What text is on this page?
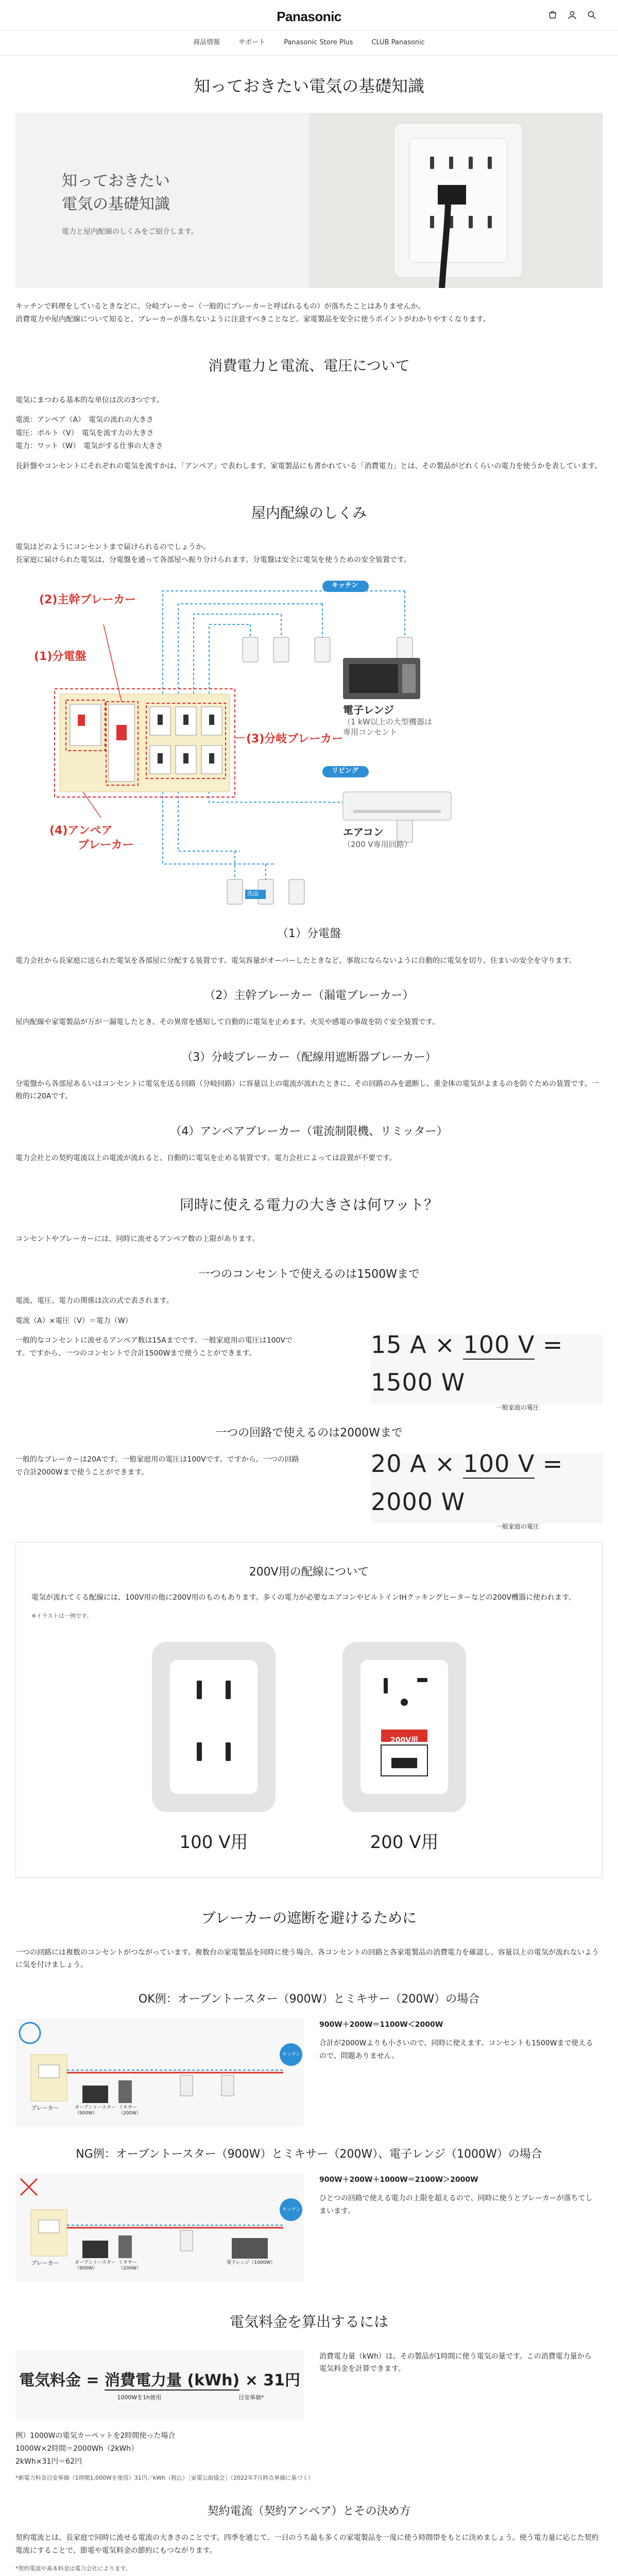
Panasonic
商品情報	サポート	Panasonic Store Plus	CLUB Panasonic
知っておきたい電気の基礎知識
知っておきたい
電気の基礎知識
電力と屋内配線のしくみをご紹介します。
キッチンで料理をしているときなどに、分岐ブレーカー（一般的にブレーカーと呼ばれるもの）が落ちたことはありませんか。
消費電力や屋内配線について知ると、ブレーカーが落ちないように注意すべきことなど、家電製品を安全に使うポイントがわかりやすくなります。
消費電力と電流、電圧について

電気にまつわる基本的な単位は次の3つです。

電流：アンペア（A）　電気の流れの大きさ

電圧：ボルト（V）　電気を流す力の大きさ

電力：ワット（W）　電気がする仕事の大きさ

長針盤やコンセントにそれぞれの電気を流すかは、「アンペア」で表わします。家電製品にも書かれている「消費電力」とは、その製品がどれくらいの電力を使うかを表しています。

屋内配線のしくみ

電気はどのようにコンセントまで届けられるのでしょうか。
長家庭に届けられた電気は、分電盤を通って各部屋へ振り分けられます。分電盤は安全に電気を使うための安全装置です。

キッチン
リビング
電子レンジ
（1 kW以上の大型機器は
専用コンセント
エアコン
（200 V専用回路）
(2)主幹ブレーカー
(1)分電盤
(3)分岐ブレーカー
(4)アンペア
ブレーカー
洗面
（1）分電盤

電力会社から長家庭に送られた電気を各部屋に分配する装置です。電気容量がオーバーしたときなど、事故にならないように自動的に電気を切り、住まいの安全を守ります。

（2）主幹ブレーカー（漏電ブレーカー）

屋内配線や家電製品が万が一漏電したとき、その異常を感知して自動的に電気を止めます。火災や感電の事故を防ぐ安全装置です。

（3）分岐ブレーカー（配線用遮断器ブレーカー）

分電盤から各部屋あるいはコンセントに電気を送る回路（分岐回路）に容量以上の電流が流れたときに、その回路のみを遮断し、重金体の電気がよまるのを防ぐための装置です。一般的に20Aです。

（4）アンペアブレーカー（電流制限機、リミッター）

電力会社との契約電流以上の電流が流れると、自動的に電気を止める装置です。電力会社によっては設置が不要です。

同時に使える電力の大きさは何ワット？

コンセントやブレーカーには、同時に流せるアンペア数の上限があります。

一つのコンセントで使えるのは1500Wまで

電流、電圧、電力の関係は次の式で表されます。

電流（A）×電圧（V）＝電力（W）

一般的なコンセントに流せるアンペア数は15Aまでです。一般家庭用の電圧は100Vです。ですから、一つのコンセントで合計1500Wまで使うことができます。	15 A × 100 V = 1500 W
一般家庭の電圧
一つの回路で使えるのは2000Wまで
一般的なブレーカーは20Aです。一般家庭用の電圧は100Vです。ですから、一つの回路で合計2000Wまで使うことができます。	20 A × 100 V = 2000 W
一般家庭の電圧
200V用の配線について

電気が流れてくる配線には、100V用の他に200V用のものもあります。多くの電力が必要なエアコンやビルトインIHクッキングヒーターなどの200V機器に使われます。

※イラストは一例です。

100 V用
200V用
200 V用
ブレーカーの遮断を避けるために

一つの回路には複数のコンセントがつながっています。複数台の家電製品を同時に使う場合、各コンセントの回路と各家電製品の消費電力を確認し、容量以上の電気が流れないように気を付けましょう。

OK例：オーブントースター（900W）とミキサー（200W）の場合
ブレーカー	オーブントースター（900W）
ミキサー（200W）
キッチン
900W＋200W＝1100W＜2000W
合計が2000Wよりも小さいので、同時に使えます。コンセントも1500Wまで使えるので、問題ありません。
NG例：オーブントースター（900W）とミキサー（200W）、電子レンジ（1000W）の場合
ブレーカー	オーブントースター（900W）
ミキサー（200W）
電子レンジ（1000W）
キッチン
900W＋200W＋1000W＝2100W＞2000W
ひとつの回路で使える電力の上限を超えるので、同時に使うとブレーカーが落ちてしまいます。
電気料金を算出するには
電気料金 = 消費電力量 (kWh) × 31円
1000Wを1h使用	目安単価*
消費電力量（kWh）は、その製品が1時間に使う電気の量です。この消費電力量から電気料金を計算できます。

例）1000Wの電気カーペットを2時間使った場合

1000W×2時間＝2000Wh（2kWh）

2kWh×31円＝62円

*新電力料金目安単価（1時間1,000Wを使用）31円／kWh（税込）［家電公取協会］（2022年7月時点単価に基づく）

契約電流（契約アンペア）とその決め方

契約電流とは、長家庭で同時に流せる電流の大きさのことです。四季を通じて、一日のうち最も多くの家電製品を一度に使う時間帯をもとに決めましょう。使う電力量に応じた契約電流にすることで、節電や電気料金の節約にもつながります。

*契約電流や基本料金は電力会社によります。
